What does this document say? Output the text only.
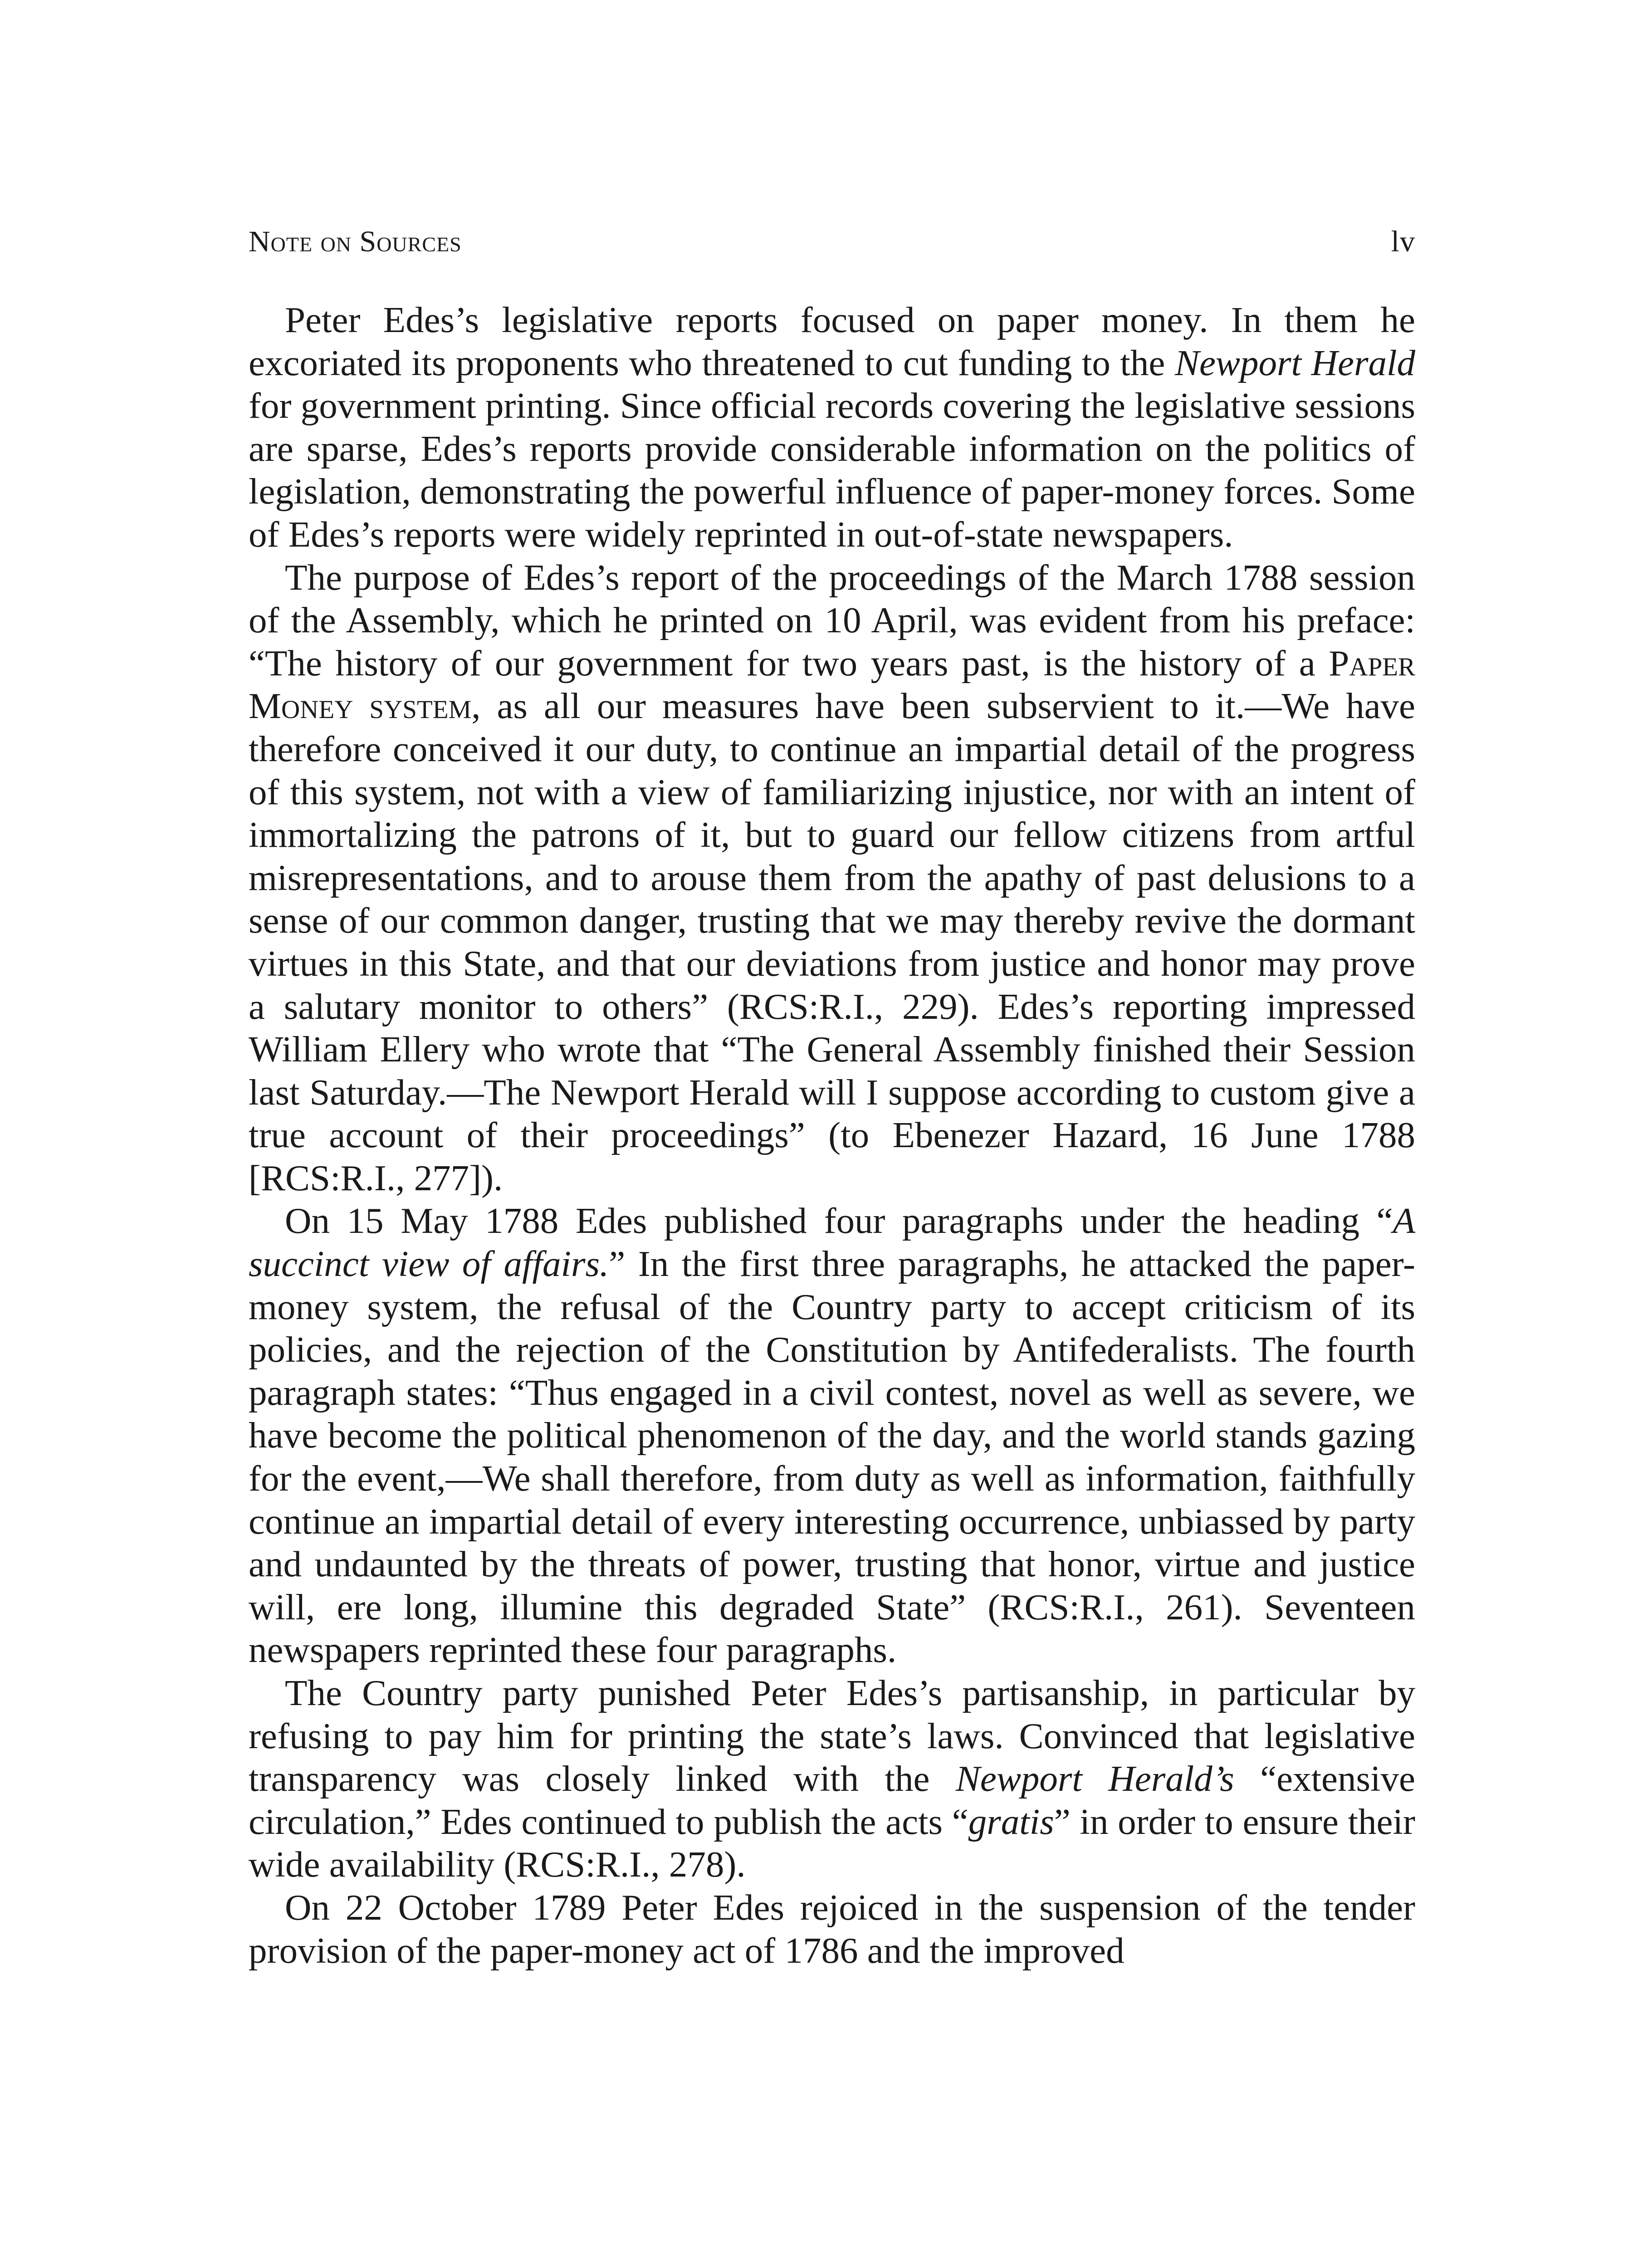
Note on Sources	lv

Peter Edes’s legislative reports focused on paper money. In them he excoriated its proponents who threatened to cut funding to the Newport Herald for government printing. Since official records covering the legislative sessions are sparse, Edes’s reports provide considerable information on the politics of legislation, demonstrating the powerful influence of paper-money forces. Some of Edes’s reports were widely reprinted in out-of-state newspapers.

The purpose of Edes’s report of the proceedings of the March 1788 session of the Assembly, which he printed on 10 April, was evident from his preface: “The history of our government for two years past, is the history of a Paper Money system, as all our measures have been subservient to it.—We have therefore conceived it our duty, to continue an impartial detail of the progress of this system, not with a view of familiarizing injustice, nor with an intent of immortalizing the patrons of it, but to guard our fellow citizens from artful misrepresentations, and to arouse them from the apathy of past delusions to a sense of our common danger, trusting that we may thereby revive the dormant virtues in this State, and that our deviations from justice and honor may prove a salutary monitor to others” (RCS:R.I., 229). Edes’s reporting impressed William Ellery who wrote that “The General Assembly finished their Session last Saturday.—The Newport Herald will I suppose according to custom give a true account of their proceedings” (to Ebenezer Hazard, 16 June 1788 [RCS:R.I., 277]).

On 15 May 1788 Edes published four paragraphs under the heading “A succinct view of affairs.” In the first three paragraphs, he attacked the paper-money system, the refusal of the Country party to accept criticism of its policies, and the rejection of the Constitution by Antifederalists. The fourth paragraph states: “Thus engaged in a civil contest, novel as well as severe, we have become the political phenomenon of the day, and the world stands gazing for the event,—We shall therefore, from duty as well as information, faithfully continue an impartial detail of every interesting occurrence, unbiassed by party and undaunted by the threats of power, trusting that honor, virtue and justice will, ere long, illumine this degraded State” (RCS:R.I., 261). Seventeen newspapers reprinted these four paragraphs.

The Country party punished Peter Edes’s partisanship, in particular by refusing to pay him for printing the state’s laws. Convinced that legislative transparency was closely linked with the Newport Herald’s “extensive circulation,” Edes continued to publish the acts “gratis” in order to ensure their wide availability (RCS:R.I., 278).

On 22 October 1789 Peter Edes rejoiced in the suspension of the tender provision of the paper-money act of 1786 and the improved
